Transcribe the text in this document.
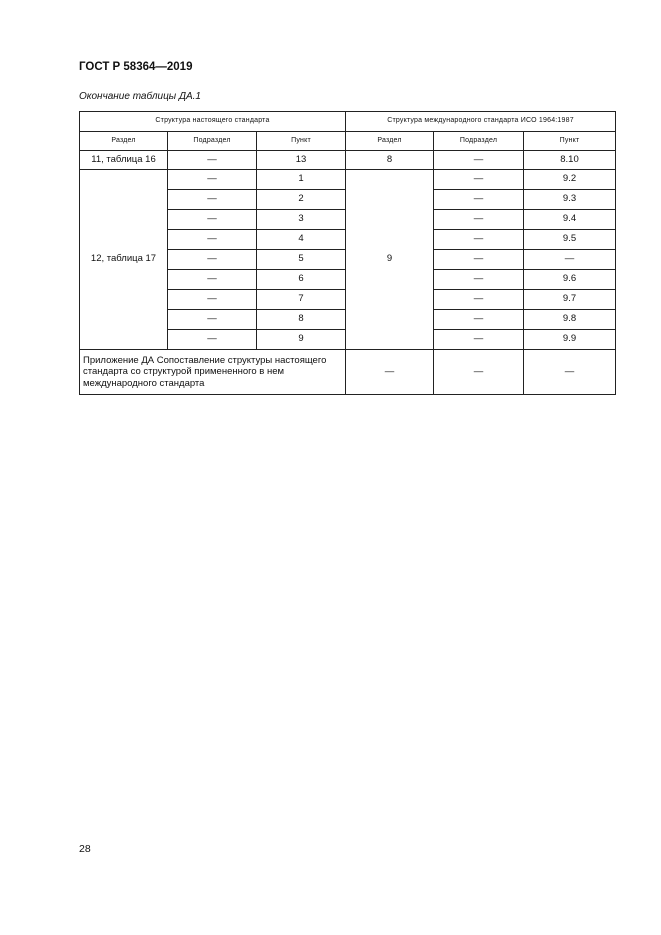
ГОСТ Р 58364—2019
Окончание таблицы ДА.1
Структура настоящего стандарта			Структура международного стандарта ИСО 1964:1987		
Раздел	Подраздел	Пункт	Раздел	Подраздел	Пункт
11, таблица 16	—	13	8	—	8.10
12, таблица 17	—	1	9	—	9.2
	—	2		—	9.3
	—	3		—	9.4
	—	4		—	9.5
	—	5		—	—
	—	6		—	9.6
	—	7		—	9.7
	—	8		—	9.8
	—	9		—	9.9
Приложение ДА Сопоставление структуры настоящего стандарта со структурой примененного в нем международного стандарта			—	—	—
28
